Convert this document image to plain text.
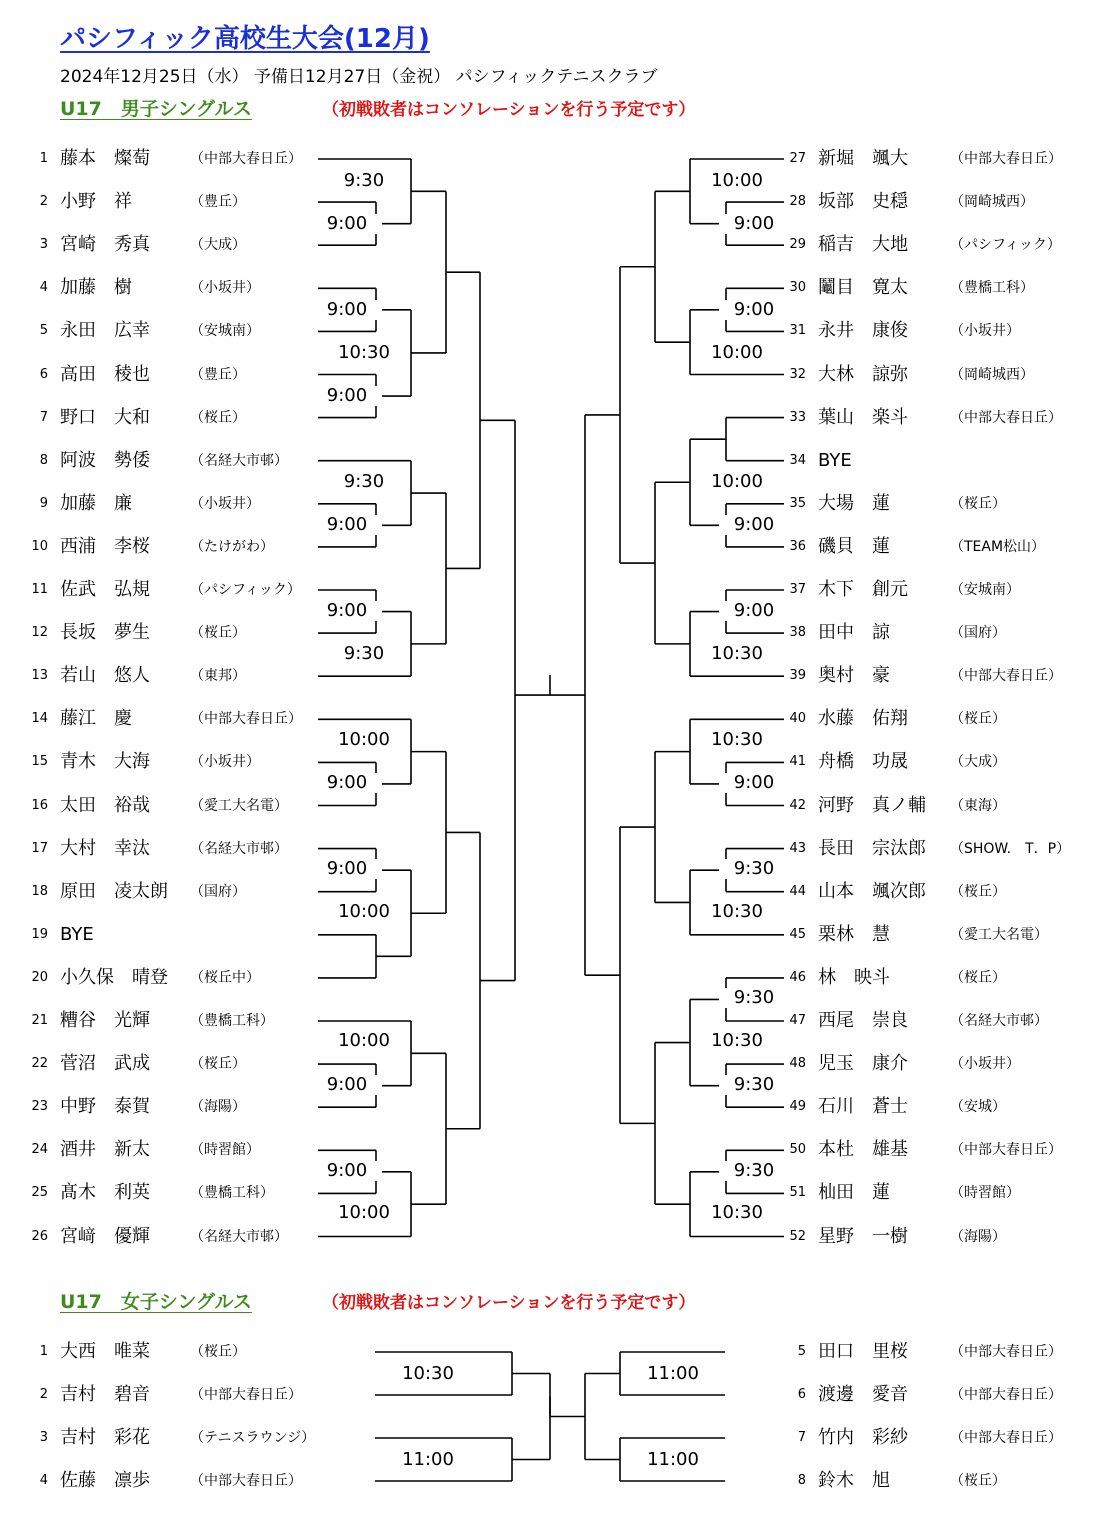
パシフィック高校生大会(12月)
2024年12月25日（水） 予備日12月27日（金祝） パシフィックテニスクラブ
U17　男子シングルス	（初戦敗者はコンソレーションを行う予定です）
U17　女子シングルス	（初戦敗者はコンソレーションを行う予定です）
1 藤本　燦萄	（中部大春日丘）
2 小野　祥	（豊丘）
3 宮崎　秀真	（大成）
4 加藤　樹	（小坂井）
5 永田　広幸	（安城南）
6 高田　稜也	（豊丘）
7 野口　大和	（桜丘）
8 阿波　勢倭	（名経大市邨）
9 加藤　廉	（小坂井）
10 西浦　李桜	（たけがわ）
11 佐武　弘規	（パシフィック）
12 長坂　夢生	（桜丘）
13 若山　悠人	（東邦）
14 藤江　慶	（中部大春日丘）
15 青木　大海	（小坂井）
16 太田　裕哉	（愛工大名電）
17 大村　幸汰	（名経大市邨）
18 原田　凌太朗 （国府）
19 BYE
20 小久保　晴登 （桜丘中）
21 糟谷　光輝	（豊橋工科）
22 菅沼　武成	（桜丘）
23 中野　泰賀	（海陽）
24 酒井　新太	（時習館）
25 髙木　利英	（豊橋工科）
26 宮﨑　優輝	（名経大市邨）
27 新堀　颯大	（中部大春日丘）
28 坂部　史穏	（岡崎城西）
29 稲吉　大地	（パシフィック）
30 鬮目　寛太	（豊橋工科）
31 永井　康俊	（小坂井）
32 大林　諒弥	（岡崎城西）
33 葉山　楽斗	（中部大春日丘）
34 BYE
35 大場　蓮	（桜丘）
36 磯貝　蓮	（TEAM松山）
37 木下　創元	（安城南）
38 田中　諒	（国府）
39 奥村　豪	（中部大春日丘）
40 水藤　佑翔	（桜丘）
41 舟橋　功晟	（大成）
42 河野　真ノ輔 （東海）
43 長田　宗汰郎 （SHOW.　T．P）
44 山本　颯次郎 （桜丘）
45 栗林　慧	（愛工大名電）
46 林　映斗	（桜丘）
47 西尾　崇良	（名経大市邨）
48 児玉　康介	（小坂井）
49 石川　蒼士	（安城）
50 本杜　雄基	（中部大春日丘）
51 杣田　蓮	（時習館）
52 星野　一樹	（海陽）
1 大西　唯菜	（桜丘）
2 吉村　碧音	（中部大春日丘）
3 吉村　彩花	（テニスラウンジ）
4 佐藤　凛歩	（中部大春日丘）
5 田口　里桜	（中部大春日丘）
6 渡邊　愛音	（中部大春日丘）
7 竹内　彩紗	（中部大春日丘）
8 鈴木　旭	（桜丘）
9:30
9:00
9:00
10:30
9:00
9:30
9:00
9:00
9:30
10:00
9:00
9:00
10:00
10:00
9:00
9:00
10:00
10:00
9:00
9:00
10:00
10:00
9:00
9:00
10:30
10:30
9:00
9:30
10:30
9:30
10:30
9:30
9:30
10:30
10:30
11:00
11:00
11:00
